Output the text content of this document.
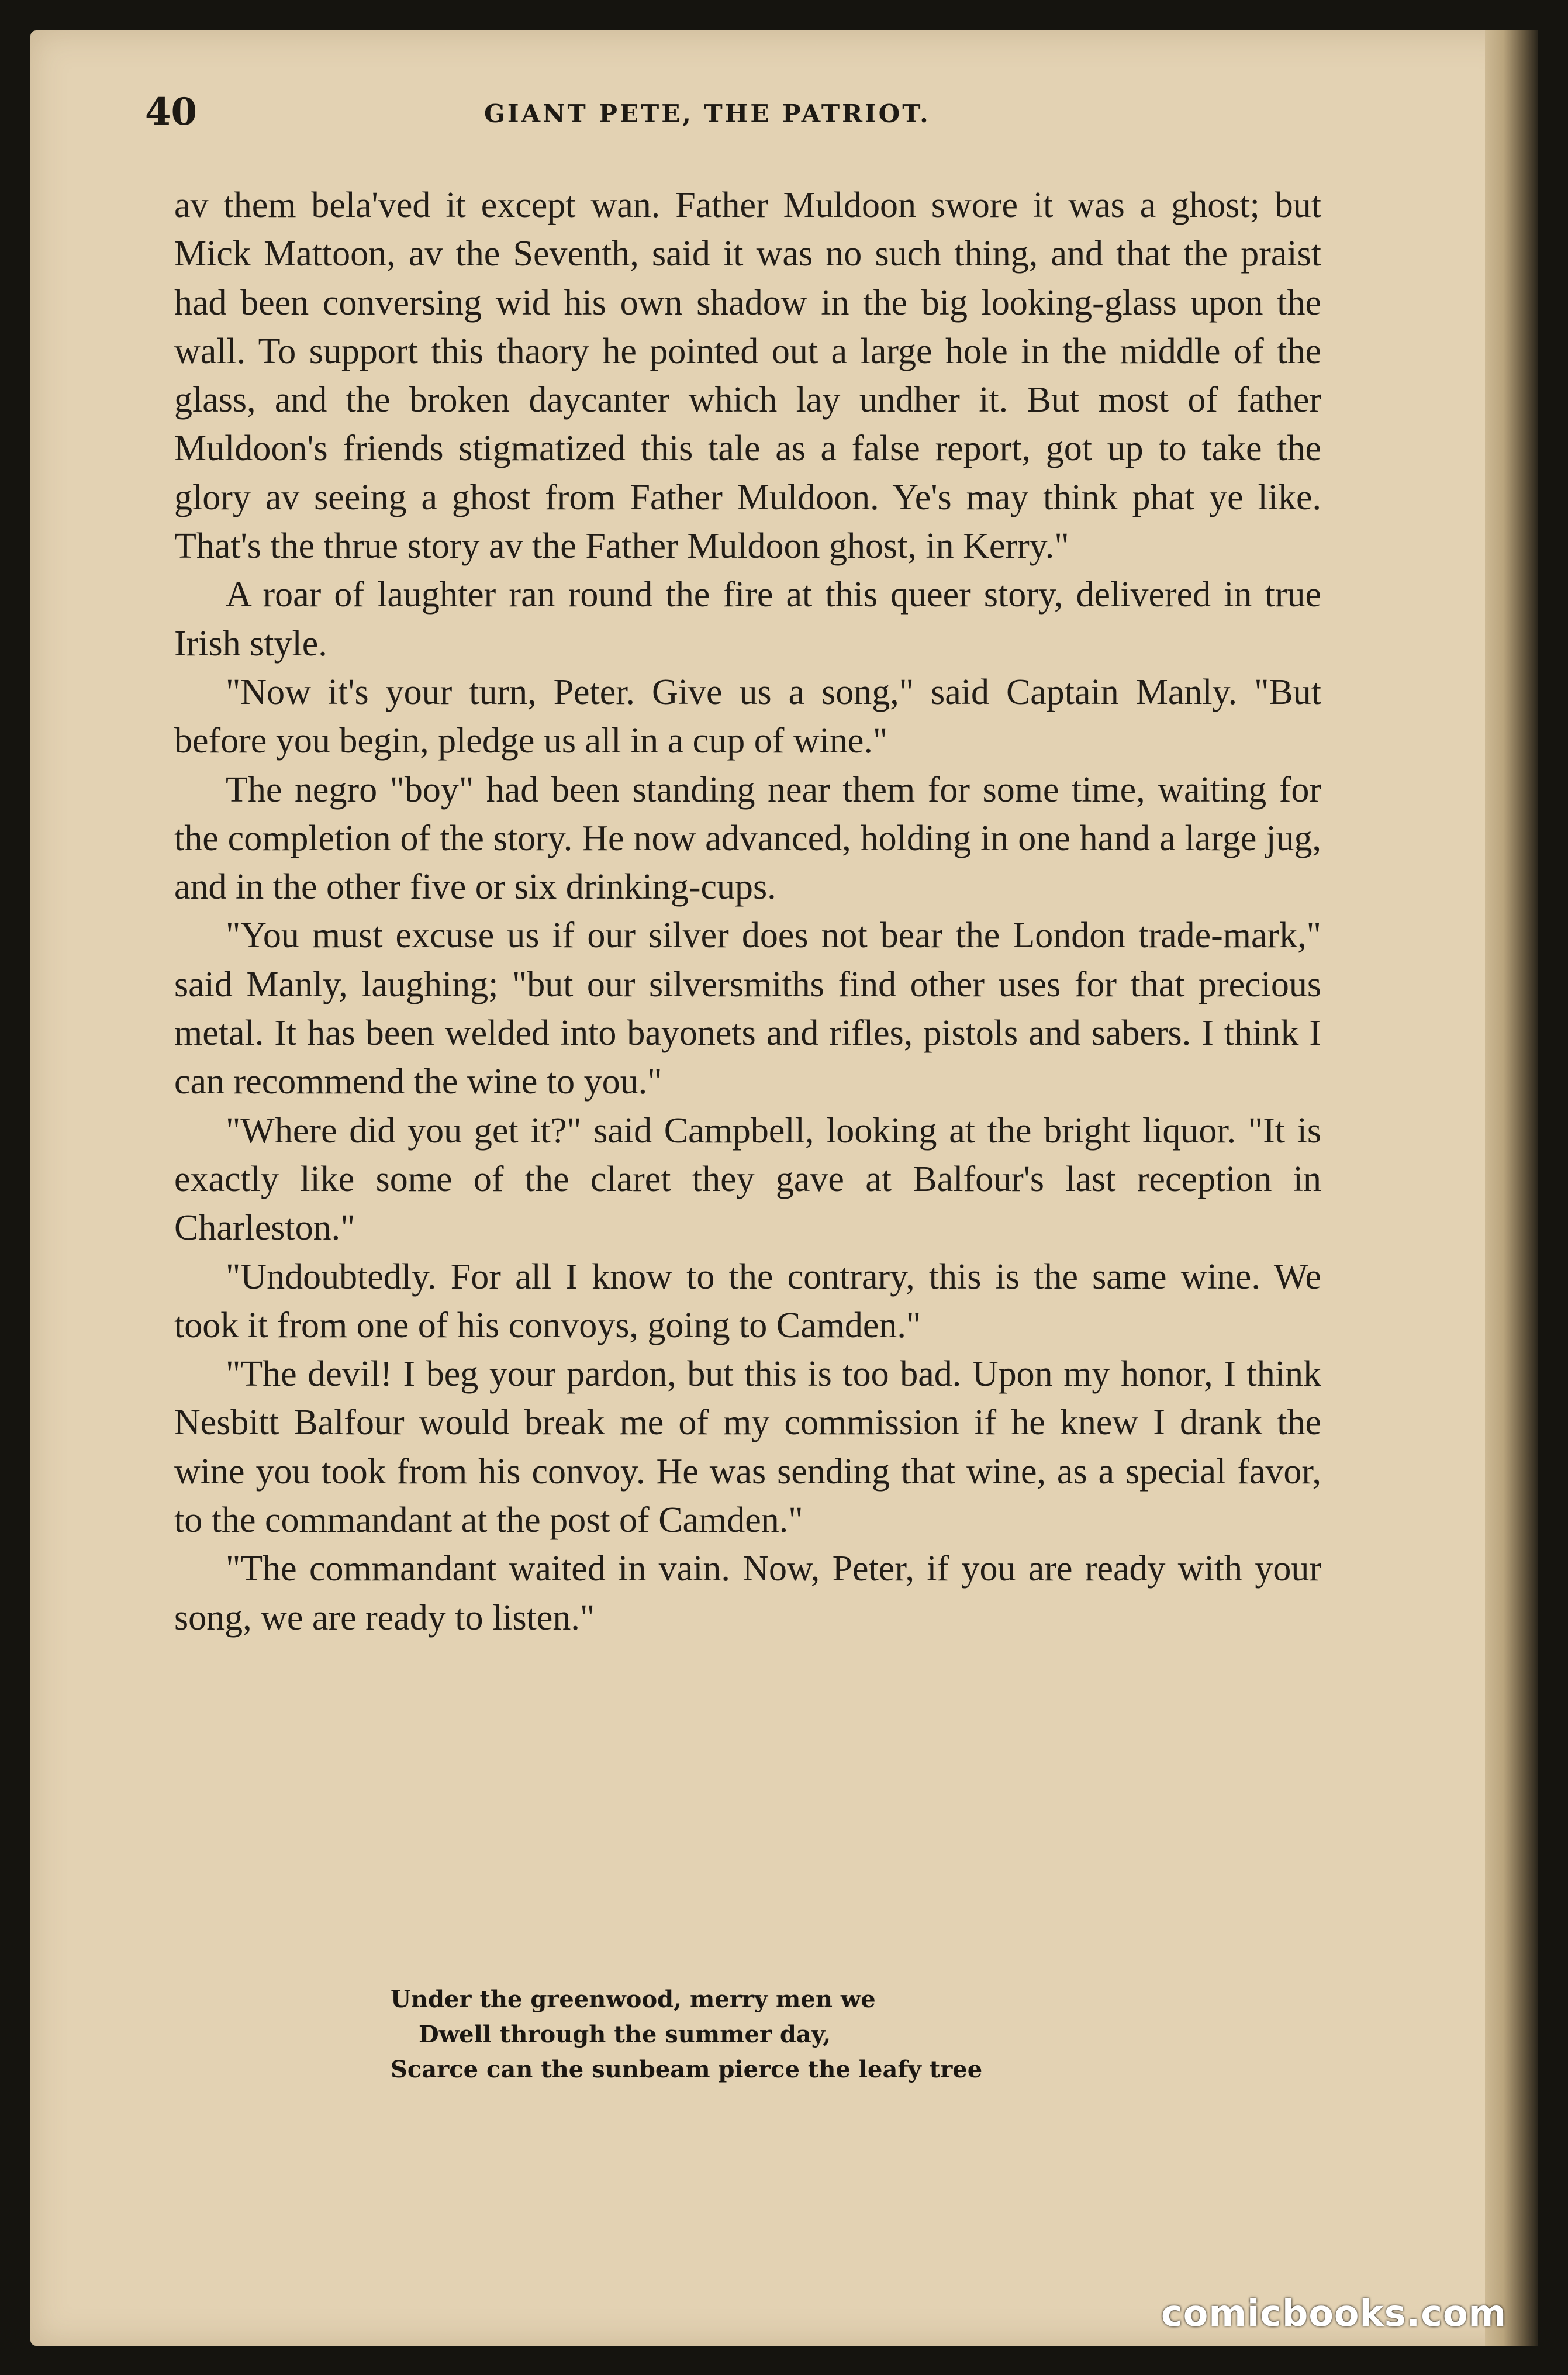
40	GIANT PETE, THE PATRIOT.

av them bela'ved it except wan. Father Muldoon swore it was a ghost; but Mick Mattoon, av the Seventh, said it was no such thing, and that the praist had been conversing wid his own shadow in the big looking-glass upon the wall. To support this thaory he pointed out a large hole in the middle of the glass, and the broken daycanter which lay undher it. But most of father Muldoon's friends stigmatized this tale as a false report, got up to take the glory av seeing a ghost from Father Muldoon. Ye's may think phat ye like. That's the thrue story av the Father Muldoon ghost, in Kerry."

A roar of laughter ran round the fire at this queer story, delivered in true Irish style.

"Now it's your turn, Peter. Give us a song," said Captain Manly. "But before you begin, pledge us all in a cup of wine."

The negro "boy" had been standing near them for some time, waiting for the completion of the story. He now advanced, holding in one hand a large jug, and in the other five or six drinking-cups.

"You must excuse us if our silver does not bear the London trade-mark," said Manly, laughing; "but our silversmiths find other uses for that precious metal. It has been welded into bayonets and rifles, pistols and sabers. I think I can recommend the wine to you."

"Where did you get it?" said Campbell, looking at the bright liquor. "It is exactly like some of the claret they gave at Balfour's last reception in Charleston."

"Undoubtedly. For all I know to the contrary, this is the same wine. We took it from one of his convoys, going to Camden."

"The devil! I beg your pardon, but this is too bad. Upon my honor, I think Nesbitt Balfour would break me of my commission if he knew I drank the wine you took from his convoy. He was sending that wine, as a special favor, to the commandant at the post of Camden."

"The commandant waited in vain. Now, Peter, if you are ready with your song, we are ready to listen."

Under the greenwood, merry men we
Dwell through the summer day,
Scarce can the sunbeam pierce the leafy tree
comicbooks.com
